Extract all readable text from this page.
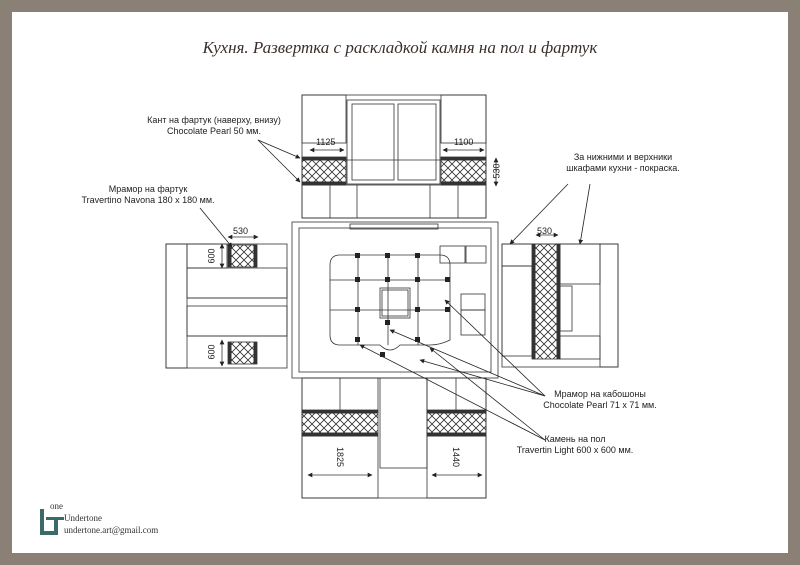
Кухня. Развертка с раскладкой камня на пол и фартук
Кант на фартук (наверху, внизу)
Chocolate Pearl 50 мм.
Мрамор на фартук
Travertino Navona 180 х 180 мм.
За нижними и верхники
шкафами кухни - покраска.
Мрамор на кабошоны
Chocolate Pearl 71 х 71 мм.
Камень на пол
Travertin Light 600 х 600 мм.
1125	1100
530
530
600
600
530
1825	1440
one
Undertone
undertone.art@gmail.com
